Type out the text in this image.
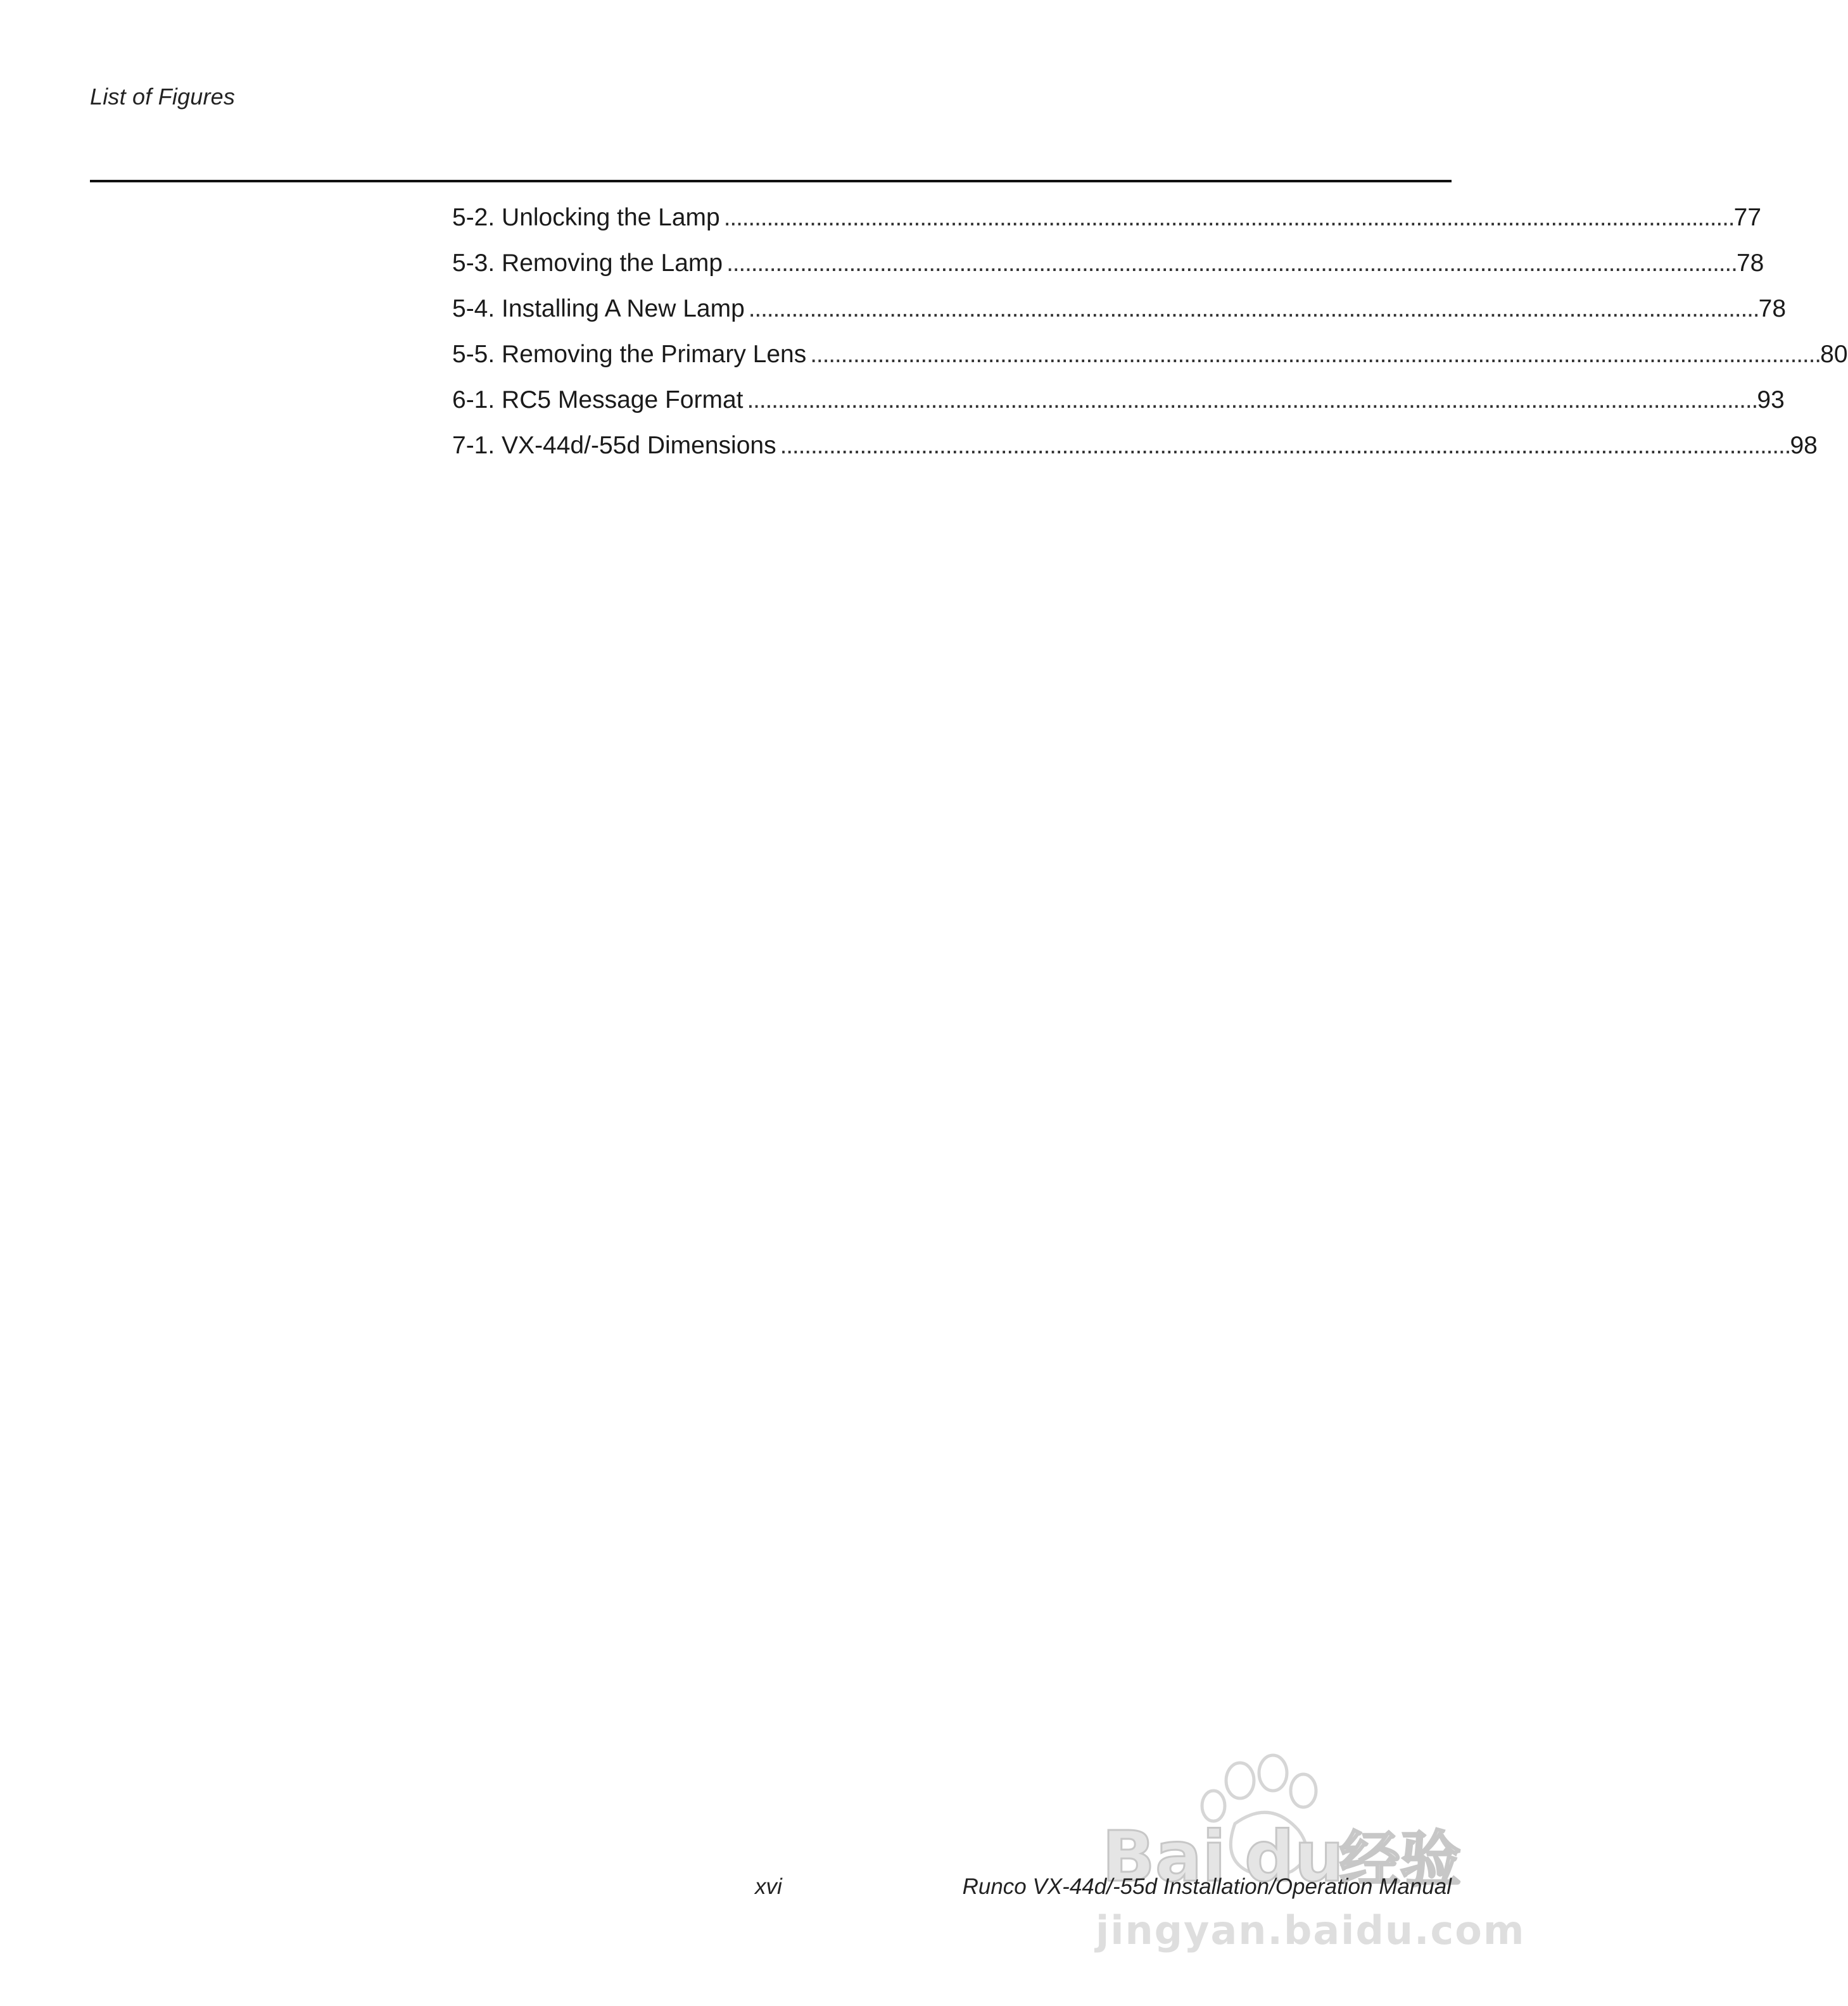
List of Figures
5-2. Unlocking the Lamp . . .	77
5-3. Removing the Lamp . . .	78
5-4. Installing A New Lamp . . .	78
5-5. Removing the Primary Lens . . .	80
6-1. RC5 Message Format . . .	93
7-1. VX-44d/-55d Dimensions . . .	98
Bai du
经验
jingyan.baidu.com
xvi	Runco VX-44d/-55d Installation/Operation Manual
